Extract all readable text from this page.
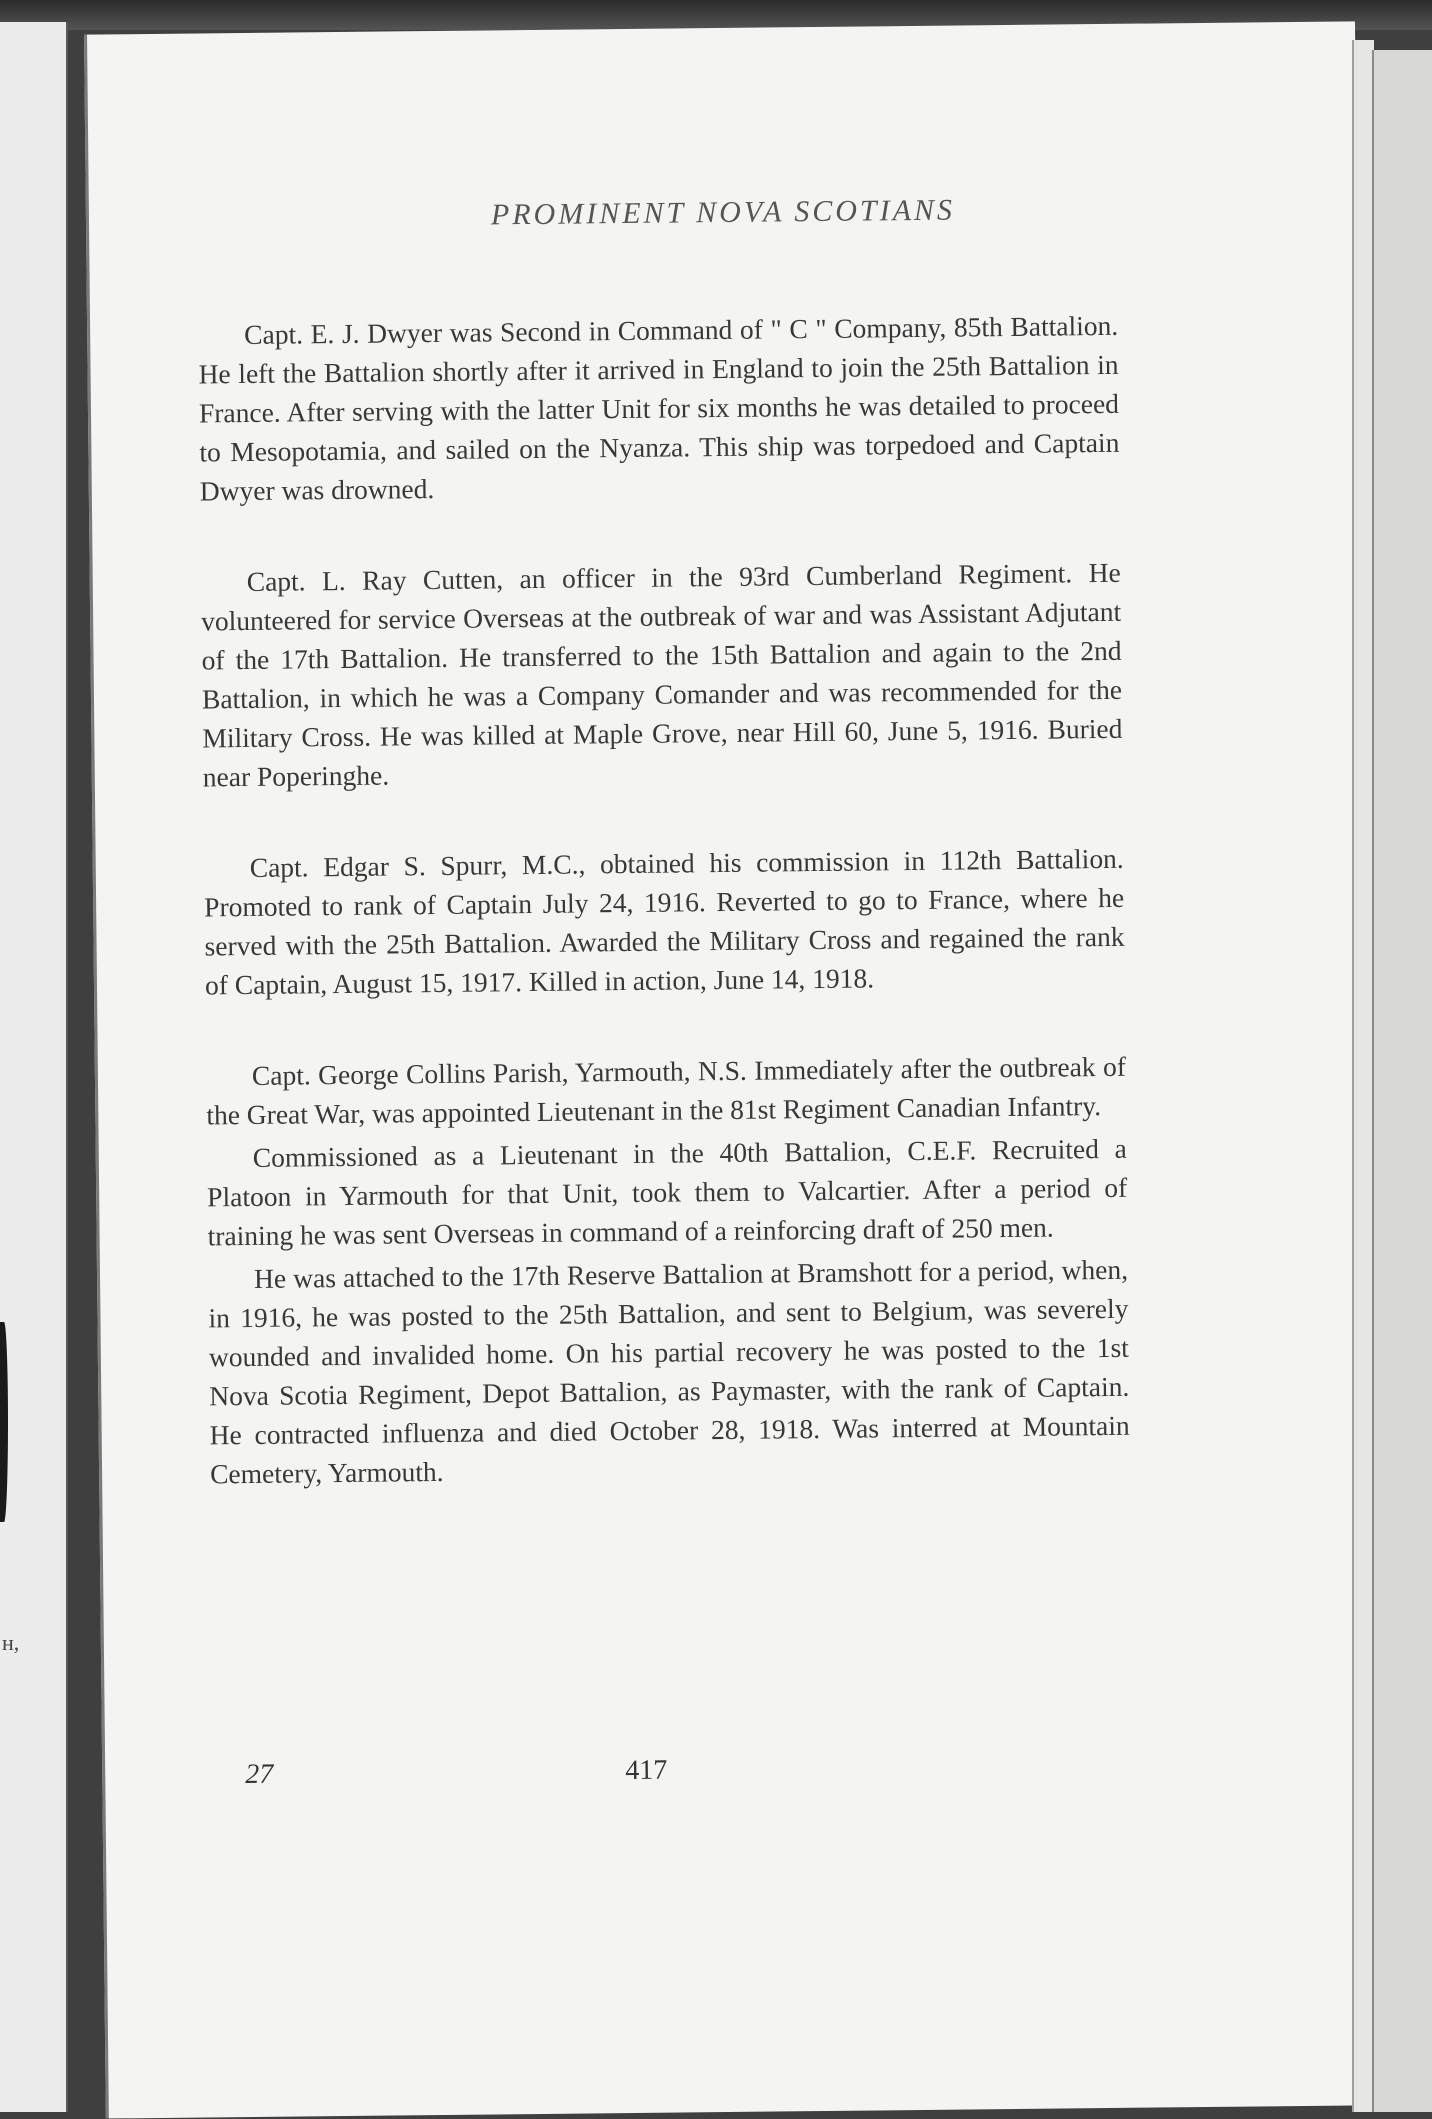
н,
PROMINENT NOVA SCOTIANS

Capt. E. J. Dwyer was Second in Command of " C " Company, 85th Battalion. He left the Battalion shortly after it arrived in England to join the 25th Battalion in France. After serving with the latter Unit for six months he was detailed to proceed to Mesopotamia, and sailed on the Nyanza. This ship was torpedoed and Captain Dwyer was drowned.

Capt. L. Ray Cutten, an officer in the 93rd Cumberland Regiment. He volunteered for service Overseas at the outbreak of war and was Assistant Adjutant of the 17th Battalion. He transferred to the 15th Battalion and again to the 2nd Battalion, in which he was a Company Comander and was recommended for the Military Cross. He was killed at Maple Grove, near Hill 60, June 5, 1916. Buried near Poperinghe.

Capt. Edgar S. Spurr, M.C., obtained his commission in 112th Battalion. Promoted to rank of Captain July 24, 1916. Reverted to go to France, where he served with the 25th Battalion. Awarded the Military Cross and regained the rank of Captain, August 15, 1917. Killed in action, June 14, 1918.

Capt. George Collins Parish, Yarmouth, N.S. Immediately after the outbreak of the Great War, was appointed Lieutenant in the 81st Regiment Canadian Infantry.

Commissioned as a Lieutenant in the 40th Battalion, C.E.F. Recruited a Platoon in Yarmouth for that Unit, took them to Valcartier. After a period of training he was sent Overseas in command of a reinforcing draft of 250 men.

He was attached to the 17th Reserve Battalion at Bramshott for a period, when, in 1916, he was posted to the 25th Battalion, and sent to Belgium, was severely wounded and invalided home. On his partial recovery he was posted to the 1st Nova Scotia Regiment, Depot Battalion, as Paymaster, with the rank of Captain. He contracted influenza and died October 28, 1918. Was interred at Mountain Cemetery, Yarmouth.

27	417
